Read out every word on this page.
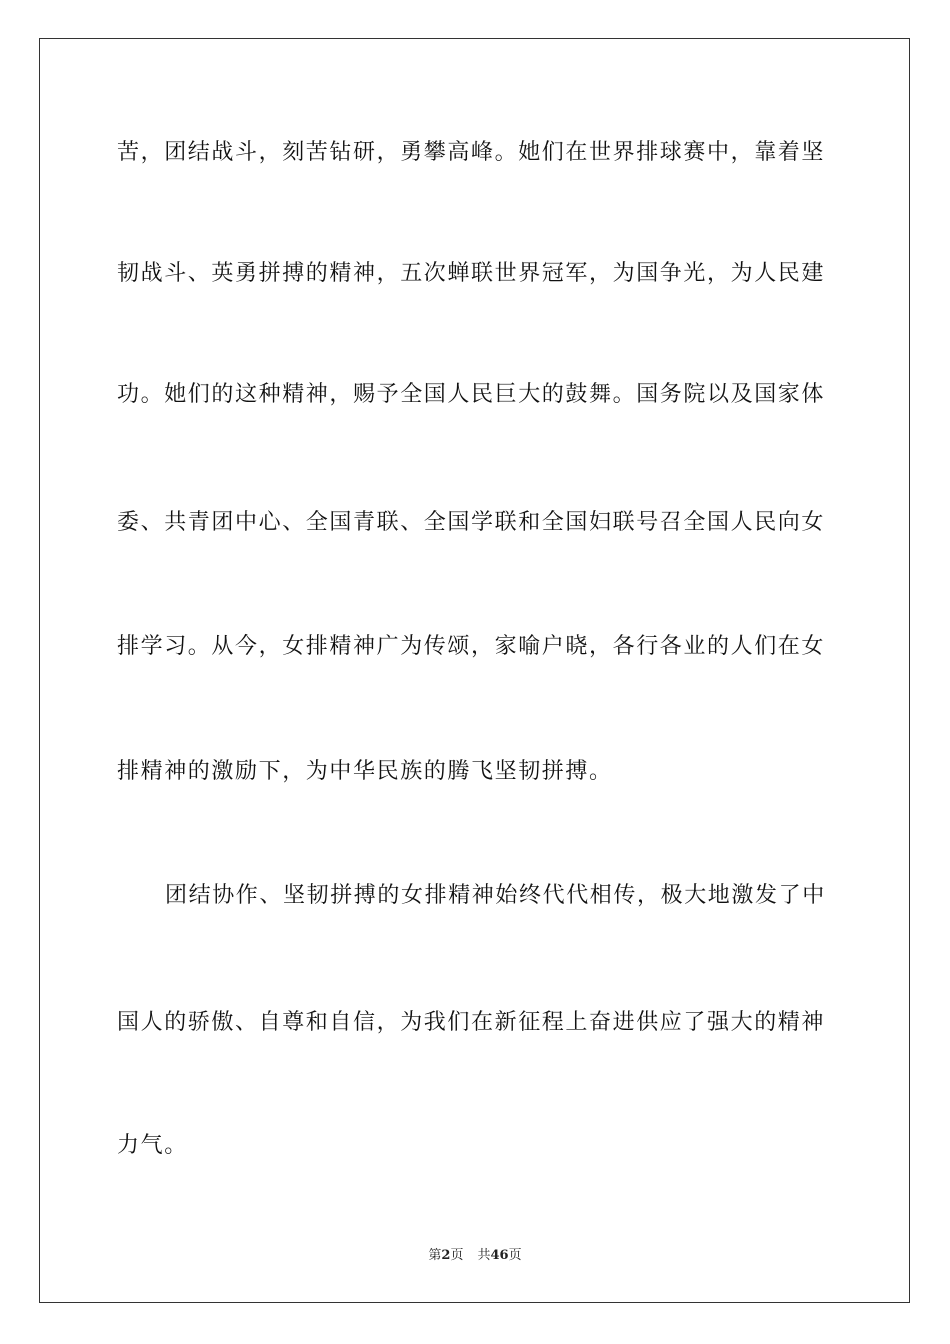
苦，团结战斗，刻苦钻研，勇攀高峰。她们在世界排球赛中，靠着坚
韧战斗、英勇拼搏的精神，五次蝉联世界冠军，为国争光，为人民建
功。她们的这种精神，赐予全国人民巨大的鼓舞。国务院以及国家体
委、共青团中心、全国青联、全国学联和全国妇联号召全国人民向女
排学习。从今，女排精神广为传颂，家喻户晓，各行各业的人们在女
排精神的激励下，为中华民族的腾飞坚韧拼搏。
团结协作、坚韧拼搏的女排精神始终代代相传，极大地激发了中
国人的骄傲、自尊和自信，为我们在新征程上奋进供应了强大的精神
力气。
第2页 共46页
